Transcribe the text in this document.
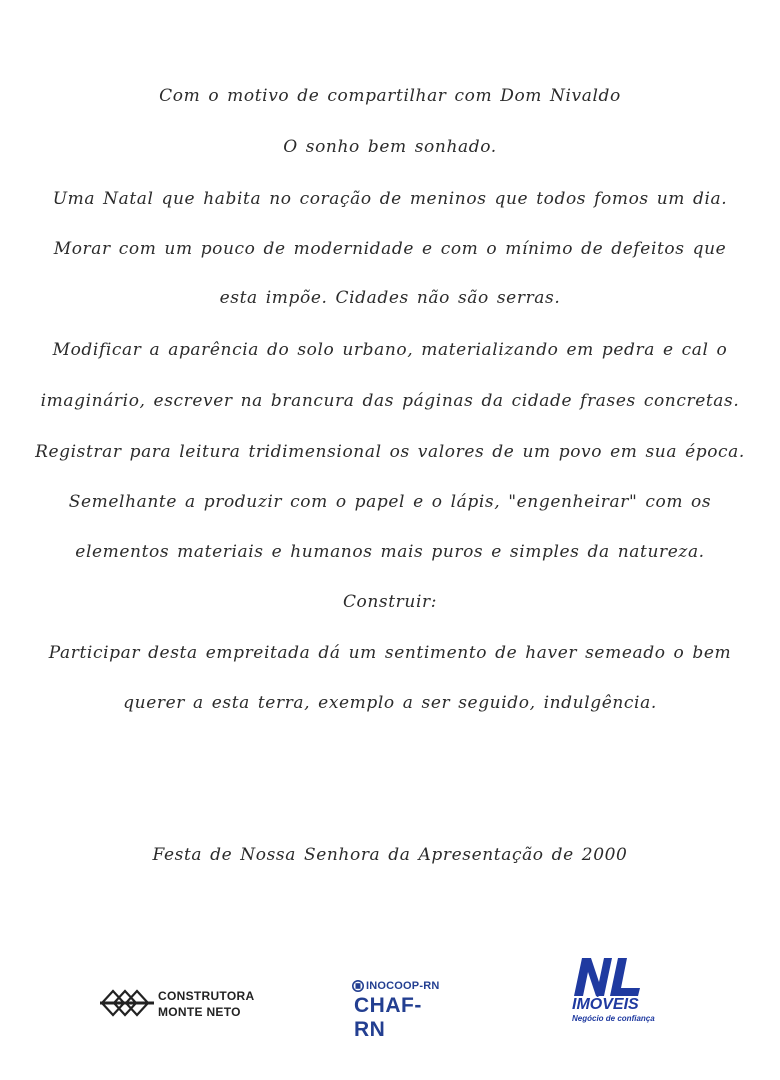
Com o motivo de compartilhar com Dom Nivaldo
O sonho bem sonhado.
Uma Natal que habita no coração de meninos que todos fomos um dia.
Morar com um pouco de modernidade e com o mínimo de defeitos que
esta impõe. Cidades não são serras.
Modificar a aparência do solo urbano, materializando em pedra e cal o
imaginário, escrever na brancura das páginas da cidade frases concretas.
Registrar para leitura tridimensional os valores de um povo em sua época.
Semelhante a produzir com o papel e o lápis, "engenheirar" com os
elementos materiais e humanos mais puros e simples da natureza.
Construir:
Participar desta empreitada dá um sentimento de haver semeado o bem
querer a esta terra, exemplo a ser seguido, indulgência.
Festa de Nossa Senhora da Apresentação de 2000
CONSTRUTORA
MONTE NETO
INOCOOP-RN
CHAF-RN
IMÓVEIS
Negócio de confiança
